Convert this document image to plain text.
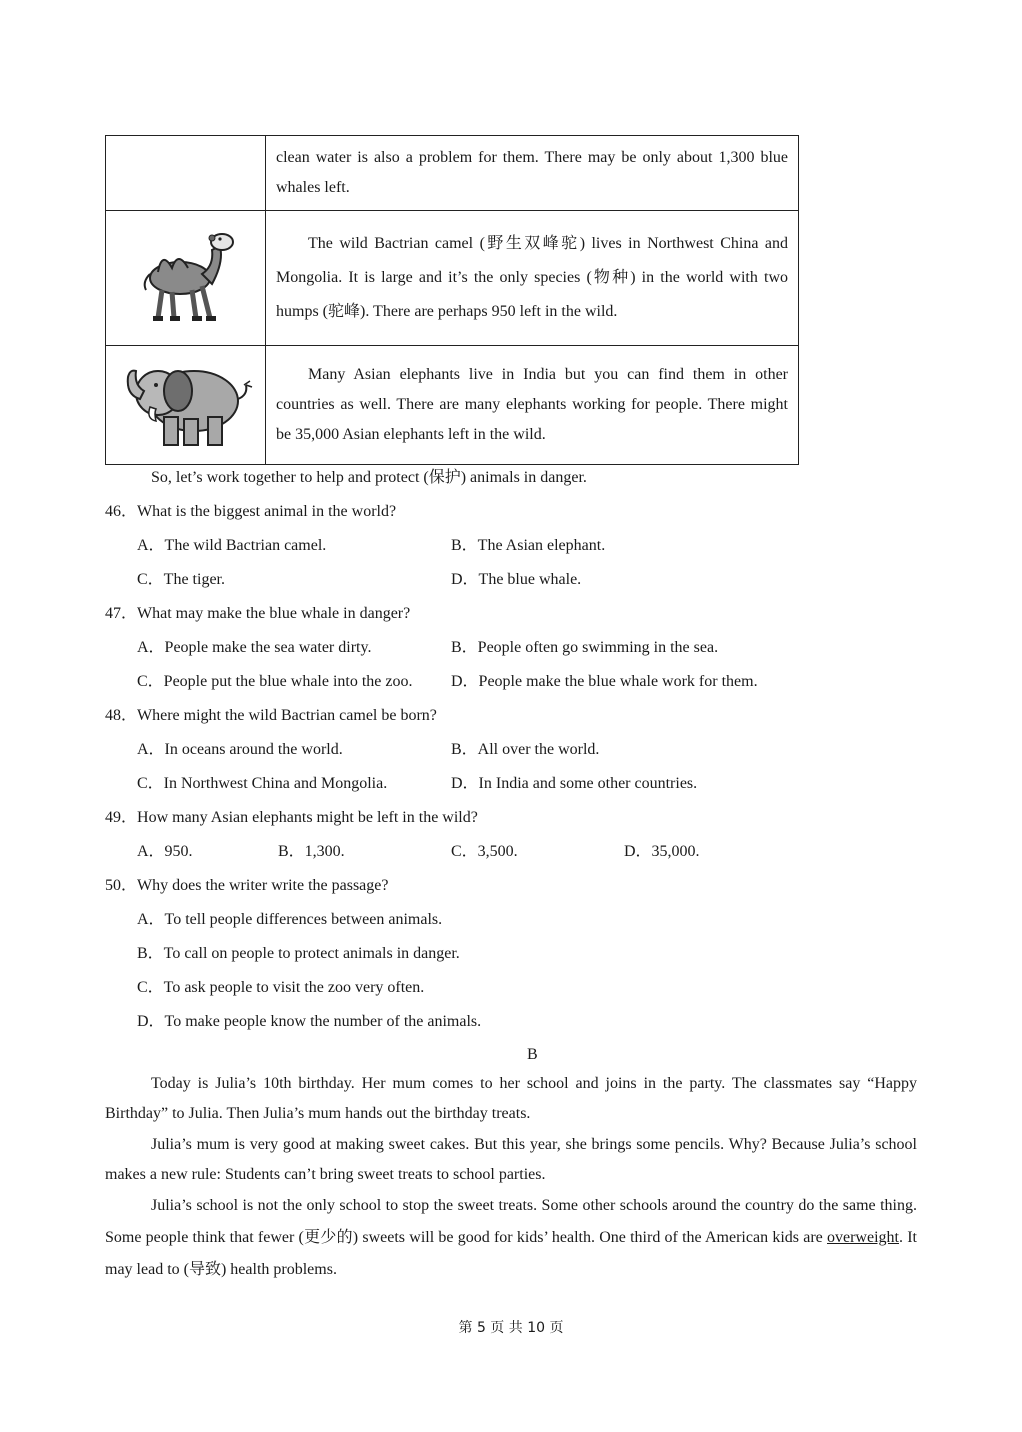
	clean water is also a problem for them. There may be only about 1,300 blue whales left.

The wild Bactrian camel (野生双峰驼) lives in Northwest China and Mongolia. It is large and it’s the only species (物种) in the world with two humps (驼峰). There are perhaps 950 left in the wild.

Many Asian elephants live in India but you can find them in other countries as well. There are many elephants working for people. There might be 35,000 Asian elephants left in the wild.
So, let’s work together to help and protect (保护) animals in danger.
46．What is the biggest animal in the world?
A．The wild Bactrian camel.	B．The Asian elephant.
C．The tiger.	D．The blue whale.
47．What may make the blue whale in danger?
A．People make the sea water dirty.	B．People often go swimming in the sea.
C．People put the blue whale into the zoo. D．People make the blue whale work for them.
48．Where might the wild Bactrian camel be born?
A．In oceans around the world.	B．All over the world.
C．In Northwest China and Mongolia.	D．In India and some other countries.
49．How many Asian elephants might be left in the wild?
A．950.	B．1,300.	C．3,500.	D．35,000.
50．Why does the writer write the passage?
A．To tell people differences between animals.
B．To call on people to protect animals in danger.
C．To ask people to visit the zoo very often.
D．To make people know the number of the animals.
B
Today is Julia’s 10th birthday. Her mum comes to her school and joins in the party. The classmates say “Happy Birthday” to Julia. Then Julia’s mum hands out the birthday treats.
Julia’s mum is very good at making sweet cakes. But this year, she brings some pencils. Why? Because Julia’s school makes a new rule: Students can’t bring sweet treats to school parties.
Julia’s school is not the only school to stop the sweet treats. Some other schools around the country do the same thing. Some people think that fewer (更少的) sweets will be good for kids’ health. One third of the American kids are overweight. It may lead to (导致) health problems.
第 5 页 共 10 页
